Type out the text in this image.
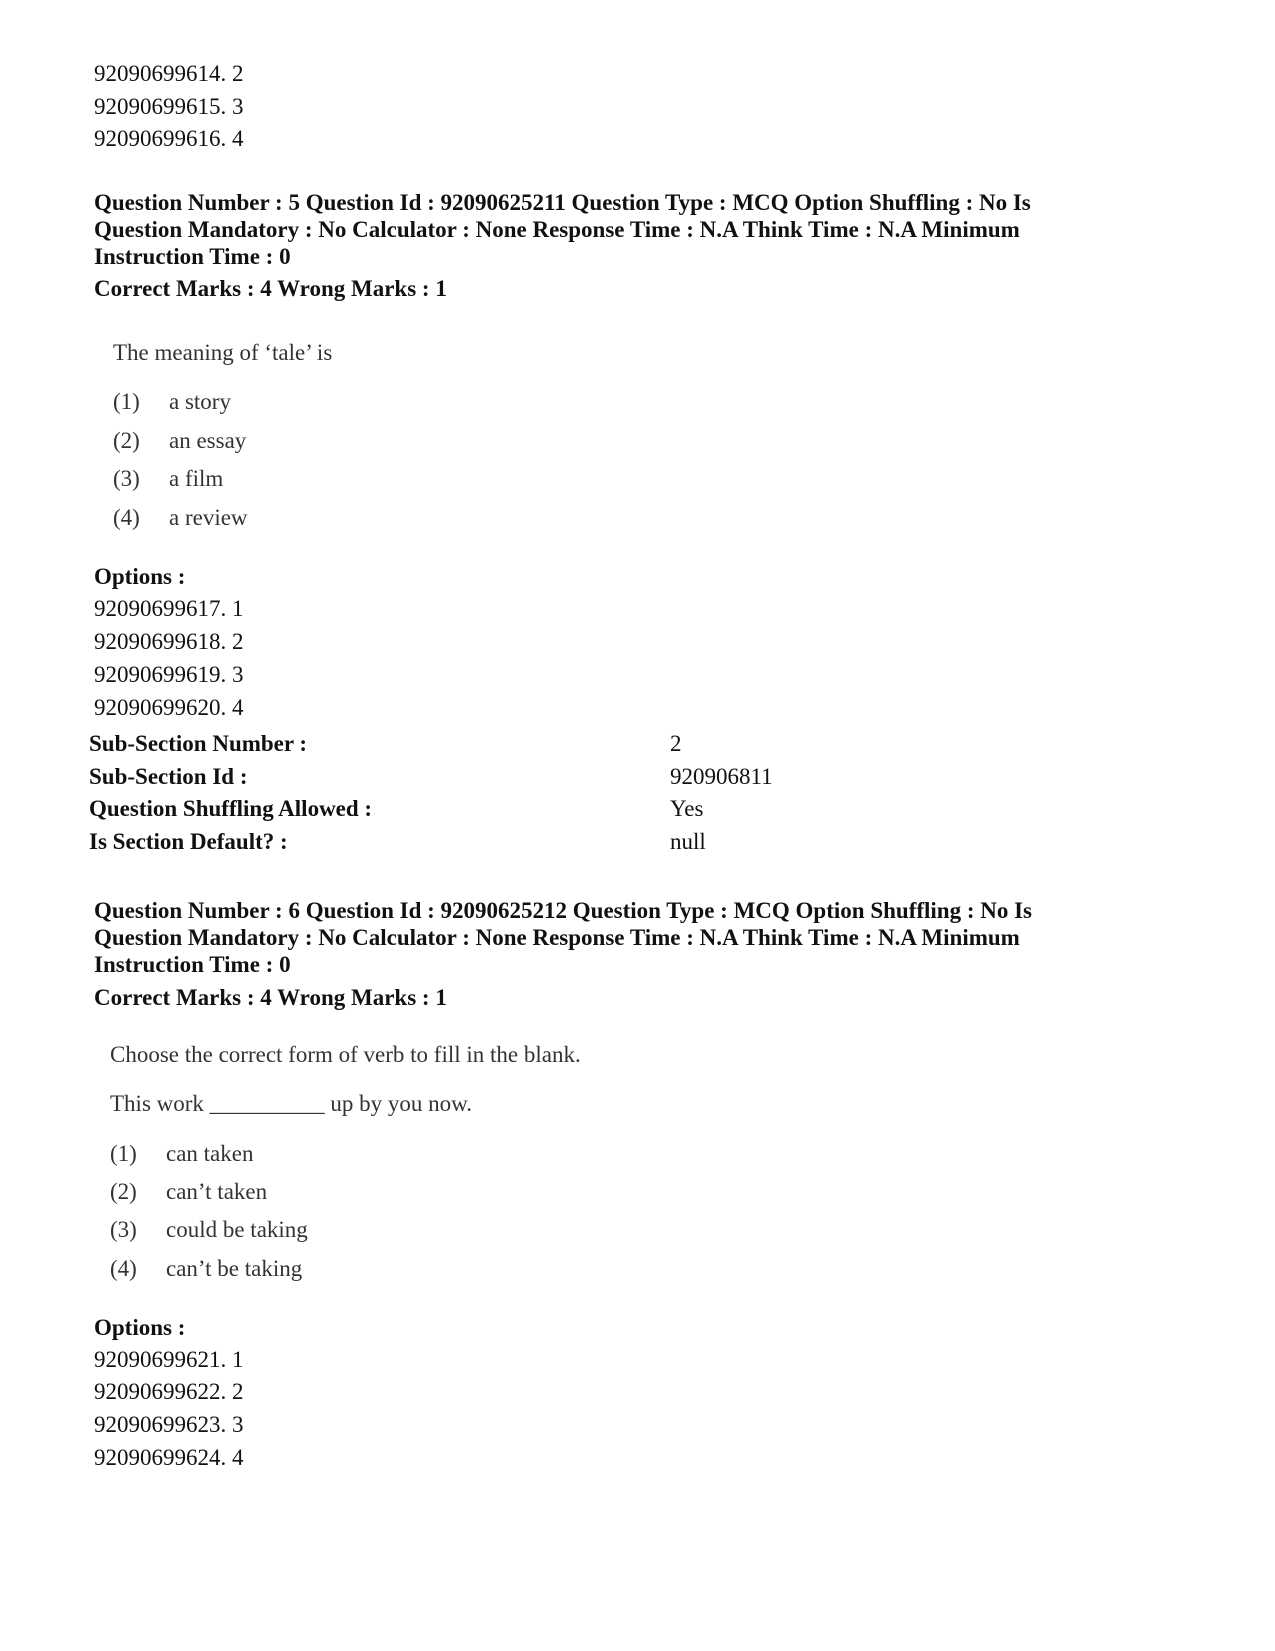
92090699614. 2
92090699615. 3
92090699616. 4
Question Number : 5 Question Id : 92090625211 Question Type : MCQ Option Shuffling : No Is
Question Mandatory : No Calculator : None Response Time : N.A Think Time : N.A Minimum
Instruction Time : 0
Correct Marks : 4 Wrong Marks : 1
The meaning of ‘tale’ is
(1) a story
(2) an essay
(3) a film
(4) a review
Options :
92090699617. 1
92090699618. 2
92090699619. 3
92090699620. 4
Sub-Section Number :	2
Sub-Section Id :	920906811
Question Shuffling Allowed :	Yes
Is Section Default? :	null
Question Number : 6 Question Id : 92090625212 Question Type : MCQ Option Shuffling : No Is
Question Mandatory : No Calculator : None Response Time : N.A Think Time : N.A Minimum
Instruction Time : 0
Correct Marks : 4 Wrong Marks : 1
Choose the correct form of verb to fill in the blank.
This work __________ up by you now.
(1) can taken
(2) can’t taken
(3) could be taking
(4) can’t be taking
Options :
92090699621. 1
92090699622. 2
92090699623. 3
92090699624. 4
